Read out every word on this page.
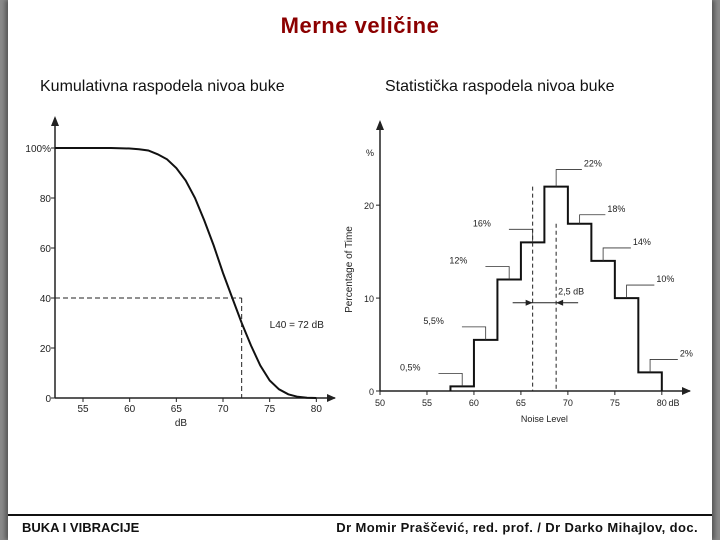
Merne veličine
Kumulativna raspodela nivoa buke	Statistička raspodela nivoa buke
0
20
40
60
80
100%
55	60	65	70	75	80
dB
L40 = 72 dB
%
0
10
20
50	55	60	65	70	75	80 dB
Noise Level
Percentage of Time
0,5%
5,5%
12%
16%
22%
18%
14%
10%
2%
2,5 dB
BUKA I VIBRACIJE	Dr Momir Praščević, red. prof. / Dr Darko Mihajlov, doc.
